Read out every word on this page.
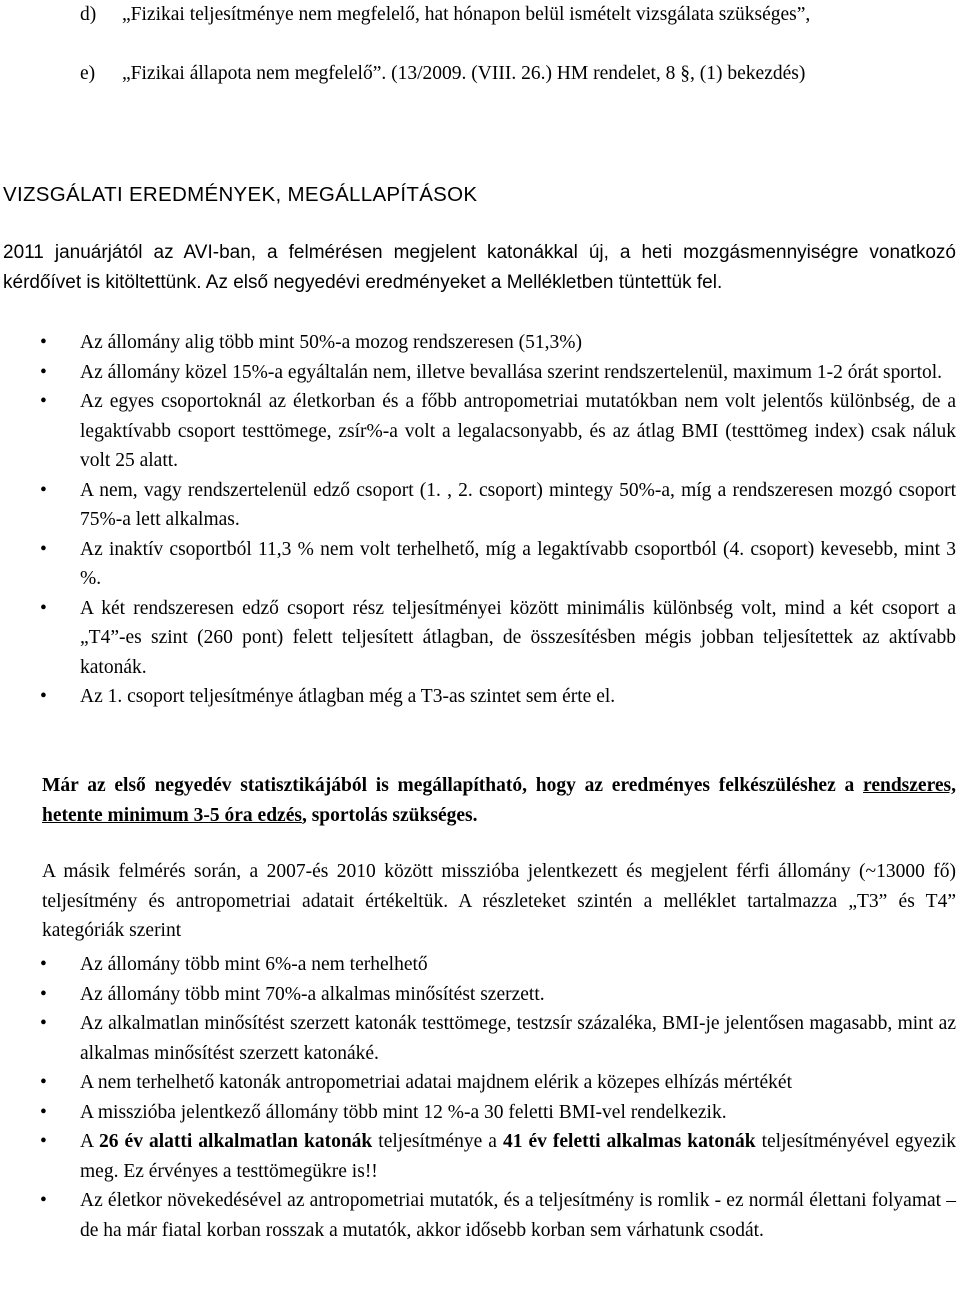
d) „Fizikai teljesítménye nem megfelelő, hat hónapon belül ismételt vizsgálata szükséges”,
e) „Fizikai állapota nem megfelelő”. (13/2009. (VIII. 26.) HM rendelet, 8 §, (1) bekezdés)
VIZSGÁLATI EREDMÉNYEK, MEGÁLLAPÍTÁSOK
2011 januárjától az AVI-ban, a felmérésen megjelent katonákkal új, a heti mozgásmennyiségre vonatkozó kérdőívet is kitöltettünk. Az első negyedévi eredményeket a Mellékletben tüntettük fel.
• Az állomány alig több mint 50%-a mozog rendszeresen (51,3%)
• Az állomány közel 15%-a egyáltalán nem, illetve bevallása szerint rendszertelenül, maximum 1-2 órát sportol.
• Az egyes csoportoknál az életkorban és a főbb antropometriai mutatókban nem volt jelentős különbség, de a legaktívabb csoport testtömege, zsír%-a volt a legalacsonyabb, és az átlag BMI (testtömeg index) csak náluk volt 25 alatt.
• A nem, vagy rendszertelenül edző csoport (1. , 2. csoport) mintegy 50%-a, míg a rendszeresen mozgó csoport 75%-a lett alkalmas.
• Az inaktív csoportból 11,3 % nem volt terhelhető, míg a legaktívabb csoportból (4. csoport) kevesebb, mint 3 %.
• A két rendszeresen edző csoport rész teljesítményei között minimális különbség volt, mind a két csoport a „T4”-es szint (260 pont) felett teljesített átlagban, de összesítésben mégis jobban teljesítettek az aktívabb katonák.
• Az 1. csoport teljesítménye átlagban még a T3-as szintet sem érte el.
Már az első negyedév statisztikájából is megállapítható, hogy az eredményes felkészüléshez a rendszeres, hetente minimum 3-5 óra edzés, sportolás szükséges.
A másik felmérés során, a 2007-és 2010 között misszióba jelentkezett és megjelent férfi állomány (~13000 fő) teljesítmény és antropometriai adatait értékeltük. A részleteket szintén a melléklet tartalmazza „T3” és T4” kategóriák szerint
• Az állomány több mint 6%-a nem terhelhető
• Az állomány több mint 70%-a alkalmas minősítést szerzett.
• Az alkalmatlan minősítést szerzett katonák testtömege, testzsír százaléka, BMI-je jelentősen magasabb, mint az alkalmas minősítést szerzett katonáké.
• A nem terhelhető katonák antropometriai adatai majdnem elérik a közepes elhízás mértékét
• A misszióba jelentkező állomány több mint 12 %-a 30 feletti BMI-vel rendelkezik.
• A 26 év alatti alkalmatlan katonák teljesítménye a 41 év feletti alkalmas katonák teljesítményével egyezik meg. Ez érvényes a testtömegükre is!!
• Az életkor növekedésével az antropometriai mutatók, és a teljesítmény is romlik - ez normál élettani folyamat – de ha már fiatal korban rosszak a mutatók, akkor idősebb korban sem várhatunk csodát.
